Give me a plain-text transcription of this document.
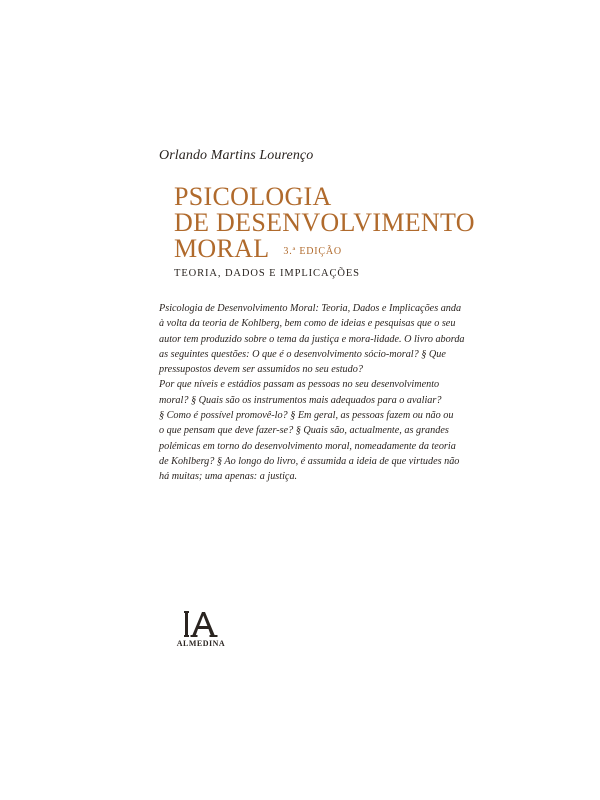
Orlando Martins Lourenço
PSICOLOGIA
DE DESENVOLVIMENTO
MORAL 3.ª EDIÇÃO
TEORIA, DADOS E IMPLICAÇÕES
Psicologia de Desenvolvimento Moral: Teoria, Dados e Implicações anda
à volta da teoria de Kohlberg, bem como de ideias e pesquisas que o seu
autor tem produzido sobre o tema da justiça e mora-lidade. O livro aborda
as seguintes questões: O que é o desenvolvimento sócio-moral? § Que
pressupostos devem ser assumidos no seu estudo?
Por que níveis e estádios passam as pessoas no seu desenvolvimento
moral? § Quais são os instrumentos mais adequados para o avaliar?
§ Como é possível promovê-lo? § Em geral, as pessoas fazem ou não ou
o que pensam que deve fazer-se? § Quais são, actualmente, as grandes
polémicas em torno do desenvolvimento moral, nomeadamente da teoria
de Kohlberg? § Ao longo do livro, é assumida a ideia de que virtudes não
há muitas; uma apenas: a justiça.
ALMEDINA
